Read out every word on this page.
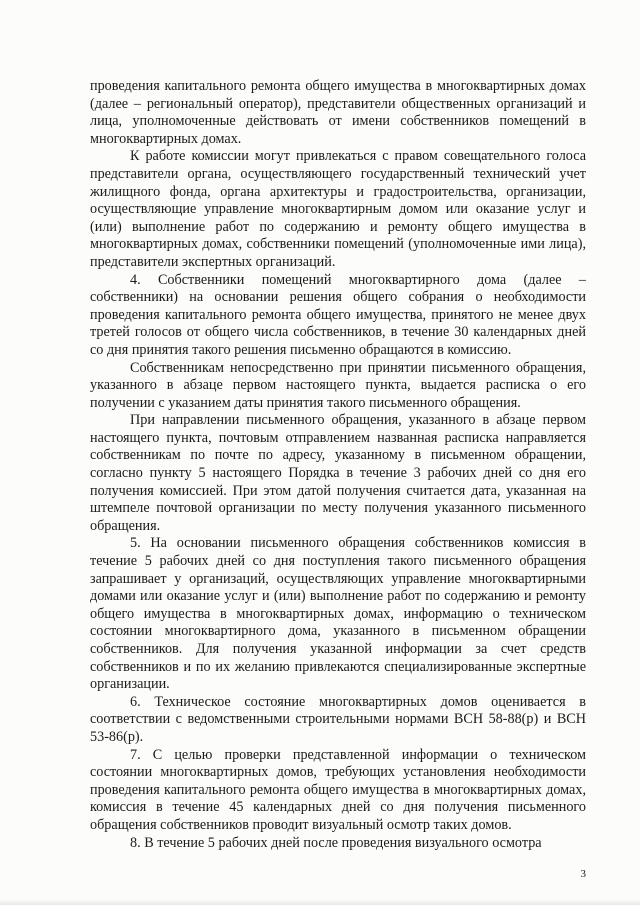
проведения капитального ремонта общего имущества в многоквартирных домах (далее – региональный оператор), представители общественных организаций и лица, уполномоченные действовать от имени собственников помещений в многоквартирных домах.

К работе комиссии могут привлекаться с правом совещательного голоса представители органа, осуществляющего государственный технический учет жилищного фонда, органа архитектуры и градостроительства, организации, осуществляющие управление многоквартирным домом или оказание услуг и (или) выполнение работ по содержанию и ремонту общего имущества в многоквартирных домах, собственники помещений (уполномоченные ими лица), представители экспертных организаций.

4. Собственники помещений многоквартирного дома (далее – собственники) на основании решения общего собрания о необходимости проведения капитального ремонта общего имущества, принятого не менее двух третей голосов от общего числа собственников, в течение 30 календарных дней со дня принятия такого решения письменно обращаются в комиссию.

Собственникам непосредственно при принятии письменного обращения, указанного в абзаце первом настоящего пункта, выдается расписка о его получении с указанием даты принятия такого письменного обращения.

При направлении письменного обращения, указанного в абзаце первом настоящего пункта, почтовым отправлением названная расписка направляется собственникам по почте по адресу, указанному в письменном обращении, согласно пункту 5 настоящего Порядка в течение 3 рабочих дней со дня его получения комиссией. При этом датой получения считается дата, указанная на штемпеле почтовой организации по месту получения указанного письменного обращения.

5. На основании письменного обращения собственников комиссия в течение 5 рабочих дней со дня поступления такого письменного обращения запрашивает у организаций, осуществляющих управление многоквартирными домами или оказание услуг и (или) выполнение работ по содержанию и ремонту общего имущества в многоквартирных домах, информацию о техническом состоянии многоквартирного дома, указанного в письменном обращении собственников. Для получения указанной информации за счет средств собственников и по их желанию привлекаются специализированные экспертные организации.

6. Техническое состояние многоквартирных домов оценивается в соответствии с ведомственными строительными нормами ВСН 58-88(р) и ВСН 53-86(р).

7. С целью проверки представленной информации о техническом состоянии многоквартирных домов, требующих установления необходимости проведения капитального ремонта общего имущества в многоквартирных домах, комиссия в течение 45 календарных дней со дня получения письменного обращения собственников проводит визуальный осмотр таких домов.

8. В течение 5 рабочих дней после проведения визуального осмотра

3
